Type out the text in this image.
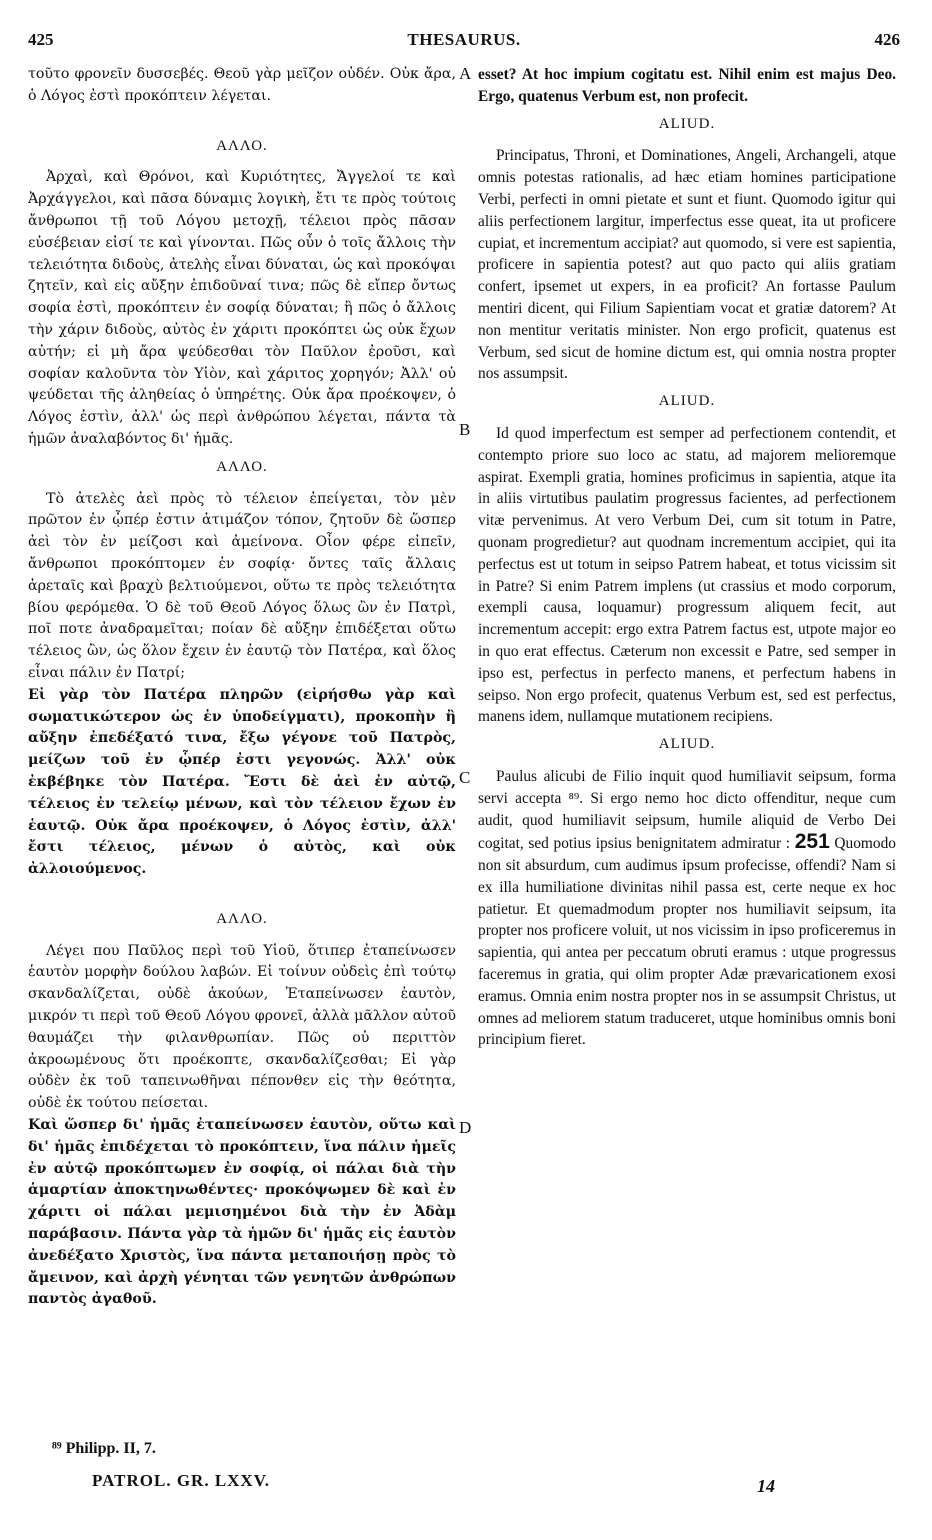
425	THESAURUS.	426
A
B
C
D

τοῦτο φρονεῖν δυσσεβές. Θεοῦ γὰρ μεῖζον οὐδέν. Οὐκ ἄρα, ὁ Λόγος ἐστὶ προκόπτειν λέγεται.

ΑΛΛΟ.

Ἀρχαὶ, καὶ Θρόνοι, καὶ Κυριότητες, Ἄγγελοί τε καὶ Ἀρχάγγελοι, καὶ πᾶσα δύναμις λογικὴ, ἔτι τε πρὸς τούτοις ἄνθρωποι τῇ τοῦ Λόγου μετοχῇ, τέλειοι πρὸς πᾶσαν εὐσέβειαν εἰσί τε καὶ γίνονται. Πῶς οὖν ὁ τοῖς ἄλλοις τὴν τελειότητα διδοὺς, ἀτελὴς εἶναι δύναται, ὡς καὶ προκόψαι ζητεῖν, καὶ εἰς αὔξην ἐπιδοῦναί τινα; πῶς δὲ εἴπερ ὄντως σοφία ἐστὶ, προκόπτειν ἐν σοφίᾳ δύναται; ἢ πῶς ὁ ἄλλοις τὴν χάριν διδοὺς, αὐτὸς ἐν χάριτι προκόπτει ὡς οὐκ ἔχων αὐτήν; εἰ μὴ ἄρα ψεύδεσθαι τὸν Παῦλον ἐροῦσι, καὶ σοφίαν καλοῦντα τὸν Υἱὸν, καὶ χάριτος χορηγόν; Ἀλλ' οὐ ψεύδεται τῆς ἀληθείας ὁ ὑπηρέτης. Οὐκ ἄρα προέκοψεν, ὁ Λόγος ἐστὶν, ἀλλ' ὡς περὶ ἀνθρώπου λέγεται, πάντα τὰ ἡμῶν ἀναλαβόντος δι' ἡμᾶς.

ΑΛΛΟ.

Τὸ ἀτελὲς ἀεὶ πρὸς τὸ τέλειον ἐπείγεται, τὸν μὲν πρῶτον ἐν ᾧπέρ ἐστιν ἀτιμάζον τόπον, ζητοῦν δὲ ὥσπερ ἀεὶ τὸν ἐν μείζοσι καὶ ἀμείνονα. Οἷον φέρε εἰπεῖν, ἄνθρωποι προκόπτομεν ἐν σοφίᾳ· ὄντες ταῖς ἄλλαις ἀρεταῖς καὶ βραχὺ βελτιούμενοι, οὕτω τε πρὸς τελειότητα βίου φερόμεθα. Ὁ δὲ τοῦ Θεοῦ Λόγος ὅλως ὢν ἐν Πατρὶ, ποῖ ποτε ἀναδραμεῖται; ποίαν δὲ αὔξην ἐπιδέξεται οὕτω τέλειος ὢν, ὡς ὅλον ἔχειν ἐν ἑαυτῷ τὸν Πατέρα, καὶ ὅλος εἶναι πάλιν ἐν Πατρί;

Εἰ γὰρ τὸν Πατέρα πληρῶν (εἰρήσθω γὰρ καὶ σωματικώτερον ὡς ἐν ὑποδείγματι), προκοπὴν ἢ αὔξην ἐπεδέξατό τινα, ἔξω γέγονε τοῦ Πατρὸς, μείζων τοῦ ἐν ᾧπέρ ἐστι γεγονώς. Ἀλλ' οὐκ ἐκβέβηκε τὸν Πατέρα. Ἔστι δὲ ἀεὶ ἐν αὐτῷ, τέλειος ἐν τελείῳ μένων, καὶ τὸν τέλειον ἔχων ἐν ἑαυτῷ. Οὐκ ἄρα προέκοψεν, ὁ Λόγος ἐστὶν, ἀλλ' ἔστι τέλειος, μένων ὁ αὐτὸς, καὶ οὐκ ἀλλοιούμενος.

ΑΛΛΟ.

Λέγει που Παῦλος περὶ τοῦ Υἱοῦ, ὅτιπερ ἐταπείνωσεν ἑαυτὸν μορφὴν δούλου λαβών. Εἰ τοίνυν οὐδεὶς ἐπὶ τούτῳ σκανδαλίζεται, οὐδὲ ἀκούων, Ἐταπείνωσεν ἑαυτὸν, μικρόν τι περὶ τοῦ Θεοῦ Λόγου φρονεῖ, ἀλλὰ μᾶλλον αὐτοῦ θαυμάζει τὴν φιλανθρωπίαν. Πῶς οὐ περιττὸν ἀκροωμένους ὅτι προέκοπτε, σκανδαλίζεσθαι; Εἰ γὰρ οὐδὲν ἐκ τοῦ ταπεινωθῆναι πέπονθεν εἰς τὴν θεότητα, οὐδὲ ἐκ τούτου πείσεται.

Καὶ ὥσπερ δι' ἡμᾶς ἐταπείνωσεν ἑαυτὸν, οὕτω καὶ δι' ἡμᾶς ἐπιδέχεται τὸ προκόπτειν, ἵνα πάλιν ἡμεῖς ἐν αὐτῷ προκόπτωμεν ἐν σοφίᾳ, οἱ πάλαι διὰ τὴν ἁμαρτίαν ἀποκτηνωθέντες· προκόψωμεν δὲ καὶ ἐν χάριτι οἱ πάλαι μεμισημένοι διὰ τὴν ἐν Ἀδὰμ παράβασιν. Πάντα γὰρ τὰ ἡμῶν δι' ἡμᾶς εἰς ἑαυτὸν ἀνεδέξατο Χριστὸς, ἵνα πάντα μεταποιήσῃ πρὸς τὸ ἄμεινον, καὶ ἀρχὴ γένηται τῶν γενητῶν ἀνθρώπων παντὸς ἀγαθοῦ.

esset? At hoc impium cogitatu est. Nihil enim est majus Deo. Ergo, quatenus Verbum est, non profecit.

ALIUD.

Principatus, Throni, et Dominationes, Angeli, Archangeli, atque omnis potestas rationalis, ad hæc etiam homines participatione Verbi, perfecti in omni pietate et sunt et fiunt. Quomodo igitur qui aliis perfectionem largitur, imperfectus esse queat, ita ut proficere cupiat, et incrementum accipiat? aut quomodo, si vere est sapientia, proficere in sapientia potest? aut quo pacto qui aliis gratiam confert, ipsemet ut expers, in ea proficit? An fortasse Paulum mentiri dicent, qui Filium Sapientiam vocat et gratiæ datorem? At non mentitur veritatis minister. Non ergo proficit, quatenus est Verbum, sed sicut de homine dictum est, qui omnia nostra propter nos assumpsit.

ALIUD.

Id quod imperfectum est semper ad perfectionem contendit, et contempto priore suo loco ac statu, ad majorem melioremque aspirat. Exempli gratia, homines proficimus in sapientia, atque ita in aliis virtutibus paulatim progressus facientes, ad perfectionem vitæ pervenimus. At vero Verbum Dei, cum sit totum in Patre, quonam progredietur? aut quodnam incrementum accipiet, qui ita perfectus est ut totum in seipso Patrem habeat, et totus vicissim sit in Patre? Si enim Patrem implens (ut crassius et modo corporum, exempli causa, loquamur) progressum aliquem fecit, aut incrementum accepit: ergo extra Patrem factus est, utpote major eo in quo erat effectus. Cæterum non excessit e Patre, sed semper in ipso est, perfectus in perfecto manens, et perfectum habens in seipso. Non ergo profecit, quatenus Verbum est, sed est perfectus, manens idem, nullamque mutationem recipiens.

ALIUD.

Paulus alicubi de Filio inquit quod humiliavit seipsum, forma servi accepta ⁸⁹. Si ergo nemo hoc dicto offenditur, neque cum audit, quod humiliavit seipsum, humile aliquid de Verbo Dei cogitat, sed potius ipsius benignitatem admiratur : 251 Quomodo non sit absurdum, cum audimus ipsum profecisse, offendi? Nam si ex illa humiliatione divinitas nihil passa est, certe neque ex hoc patietur. Et quemadmodum propter nos humiliavit seipsum, ita propter nos proficere voluit, ut nos vicissim in ipso proficeremus in sapientia, qui antea per peccatum obruti eramus : utque progressus faceremus in gratia, qui olim propter Adæ prævaricationem exosi eramus. Omnia enim nostra propter nos in se assumpsit Christus, ut omnes ad meliorem statum traduceret, utque hominibus omnis boni principium fieret.

⁸⁹ Philipp. II, 7.
PATROL. GR. LXXV.	14
